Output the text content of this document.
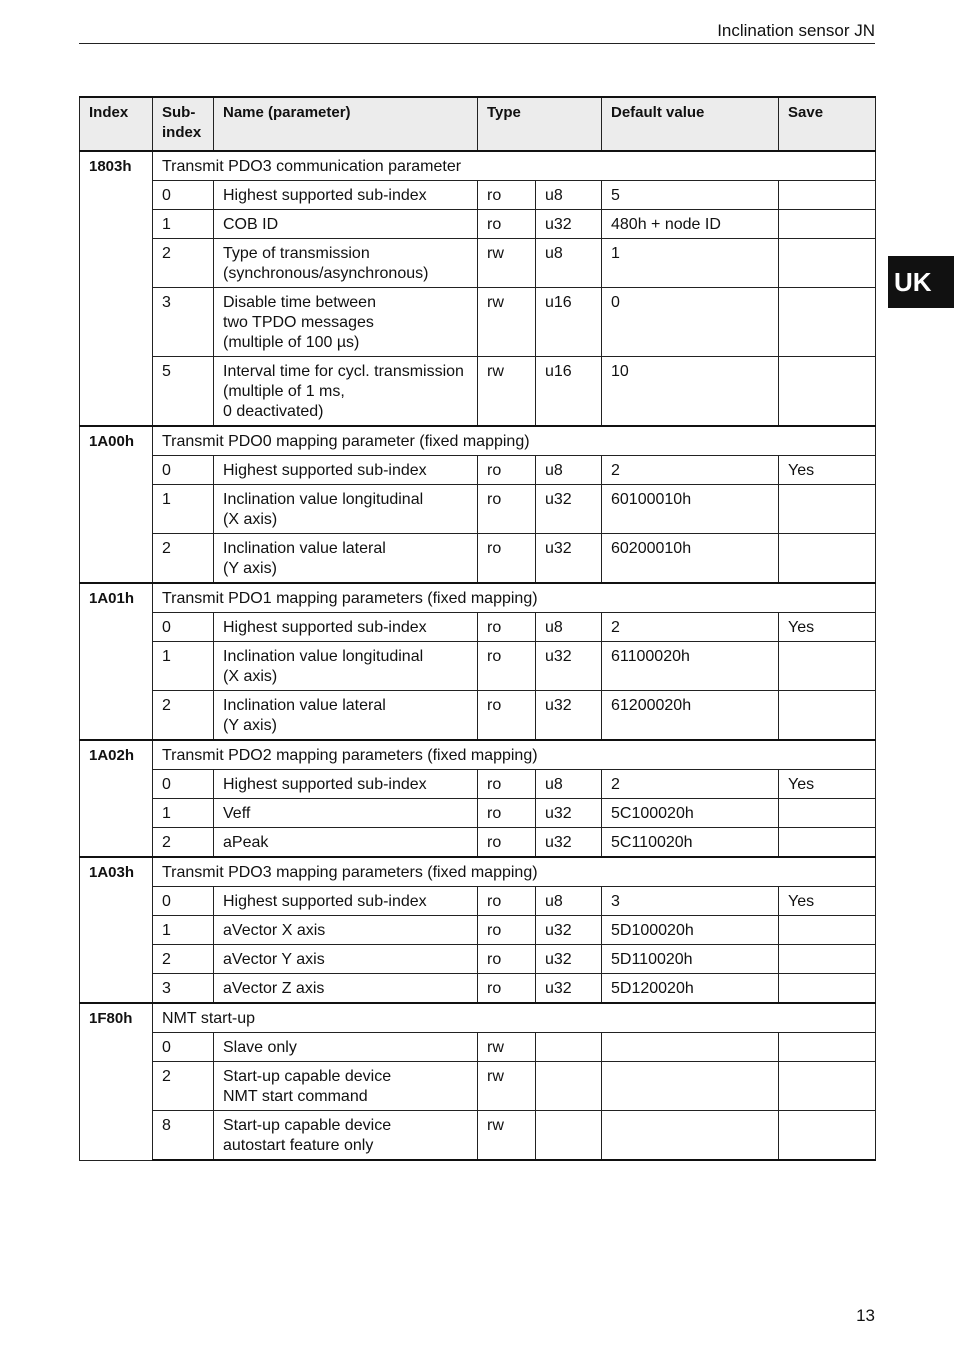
Inclination sensor JN
UK
Index	Sub-
index	Name (parameter)	Type		Default value	Save
1803h	Transmit PDO3 communication parameter					
	0	Highest supported sub-index	ro	u8	5	
	1	COB ID	ro	u32	480h + node ID	
	2	Type of transmission
(synchronous/asynchronous)	rw	u8	1	
	3	Disable time between
two TPDO messages
(multiple of 100 µs)	rw	u16	0	
	5	Interval time for cycl. transmission
(multiple of 1 ms,
0 deactivated)	rw	u16	10	
1A00h	Transmit PDO0 mapping parameter (fixed mapping)					
	0	Highest supported sub-index	ro	u8	2	Yes
	1	Inclination value longitudinal
(X axis)	ro	u32	60100010h	
	2	Inclination value lateral
(Y axis)	ro	u32	60200010h	
1A01h	Transmit PDO1 mapping parameters (fixed mapping)					
	0	Highest supported sub-index	ro	u8	2	Yes
	1	Inclination value longitudinal
(X axis)	ro	u32	61100020h	
	2	Inclination value lateral
(Y axis)	ro	u32	61200020h	
1A02h	Transmit PDO2 mapping parameters (fixed mapping)					
	0	Highest supported sub-index	ro	u8	2	Yes
	1	Veff	ro	u32	5C100020h	
	2	aPeak	ro	u32	5C110020h	
1A03h	Transmit PDO3 mapping parameters (fixed mapping)					
	0	Highest supported sub-index	ro	u8	3	Yes
	1	aVector X axis	ro	u32	5D100020h	
	2	aVector Y axis	ro	u32	5D110020h	
	3	aVector Z axis	ro	u32	5D120020h	
1F80h	NMT start-up					
	0	Slave only	rw			
	2	Start-up capable device
NMT start command	rw			
	8	Start-up capable device
autostart feature only	rw			
13
